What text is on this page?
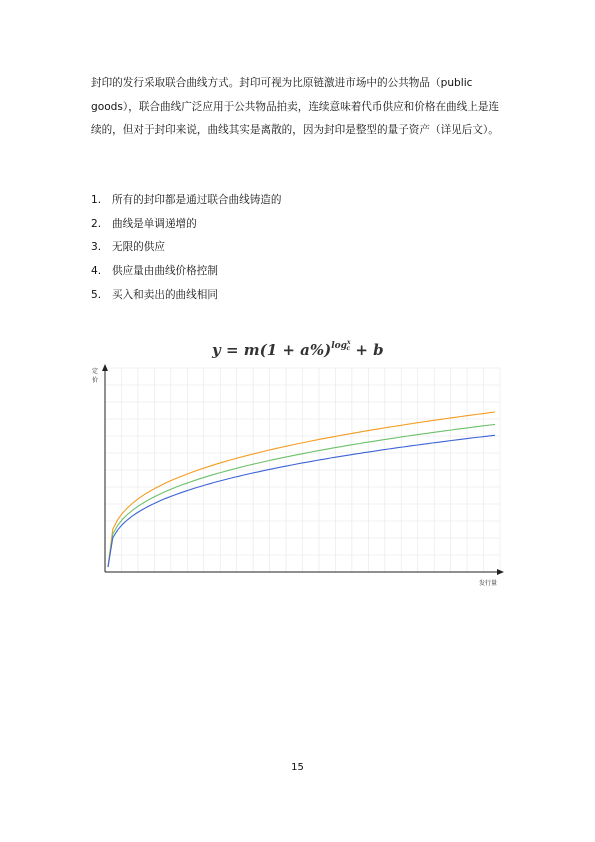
封印的发行采取联合曲线方式。封印可视为比原链激进市场中的公共物品（public goods），联合曲线广泛应用于公共物品拍卖，连续意味着代币供应和价格在曲线上是连续的，但对于封印来说，曲线其实是离散的，因为封印是整型的量子资产（详见后文）。
1.	所有的封印都是通过联合曲线铸造的
2.	曲线是单调递增的
3.	无限的供应
4.	供应量由曲线价格控制
5.	买入和卖出的曲线相同
$y = m(1 + a\%)^{logx}$ c + b
定
价
发行量
15
